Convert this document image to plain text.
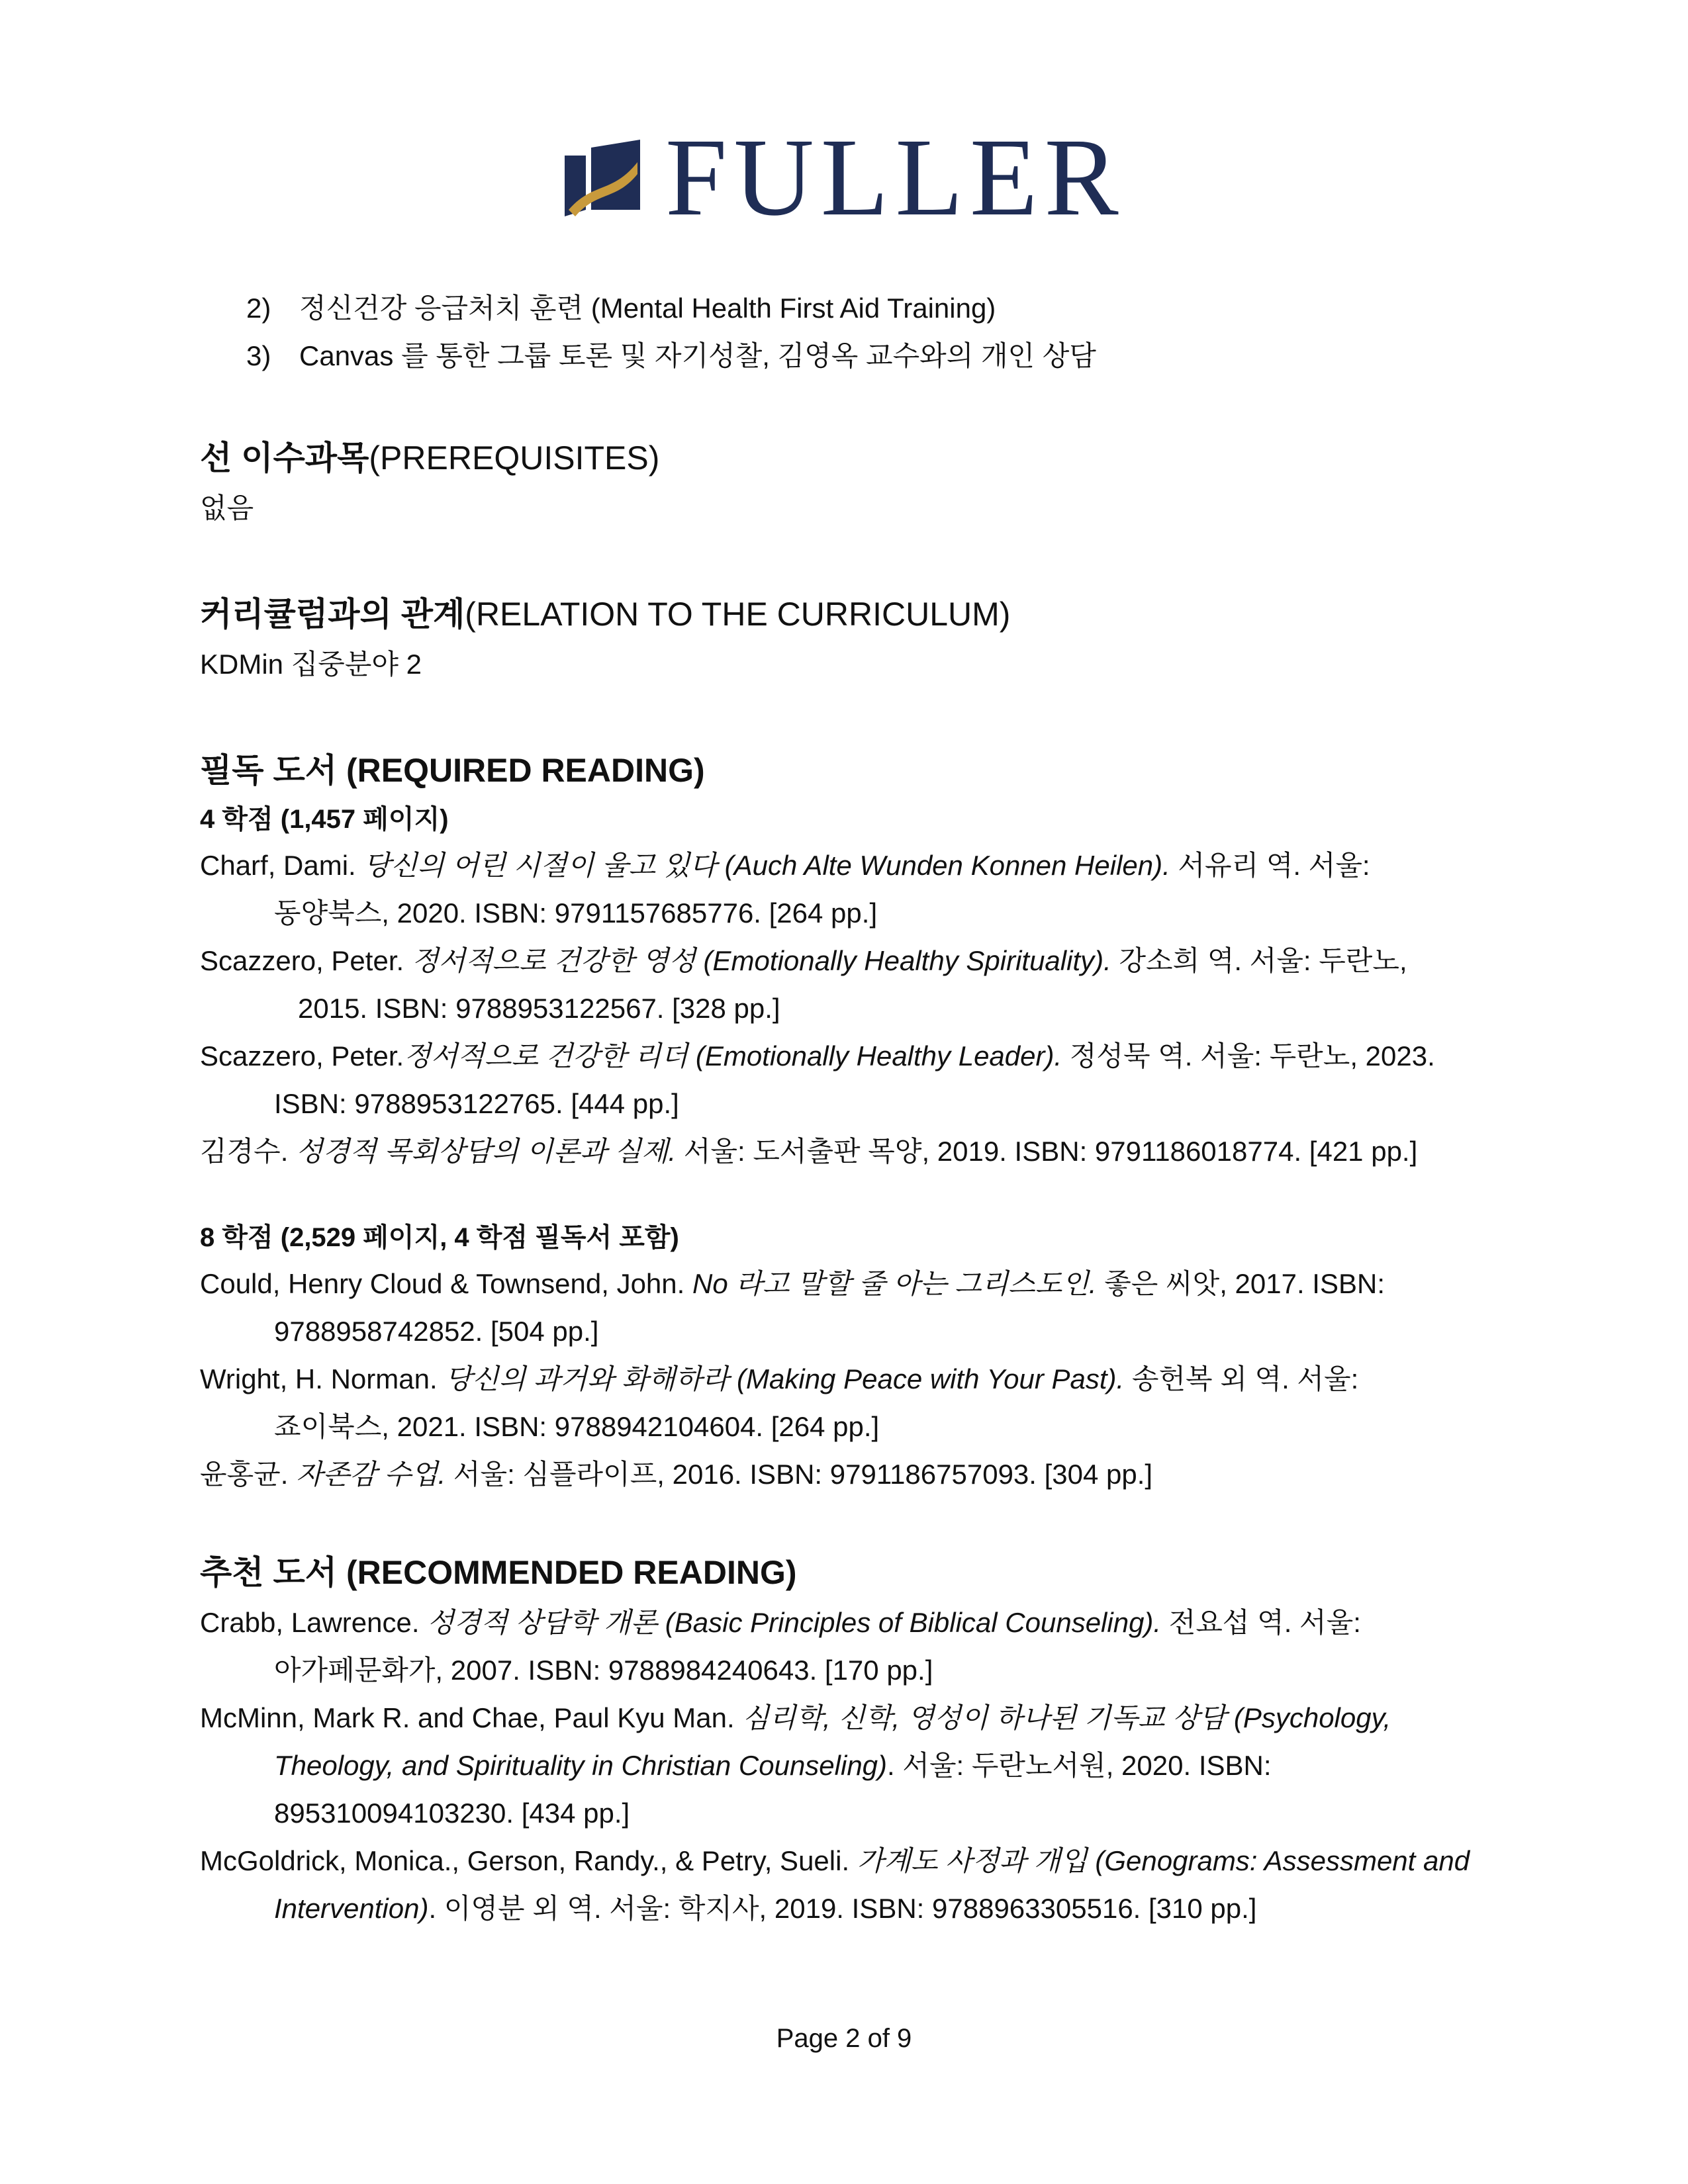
FULLER
2) 정신건강 응급처치 훈련 (Mental Health First Aid Training)
3) Canvas 를 통한 그룹 토론 및 자기성찰, 김영옥 교수와의 개인 상담
선 이수과목(PREREQUISITES)
없음
커리큘럼과의 관계(RELATION TO THE CURRICULUM)
KDMin 집중분야 2
필독 도서 (REQUIRED READING)
4 학점 (1,457 페이지)
Charf, Dami. 당신의 어린 시절이 울고 있다 (Auch Alte Wunden Konnen Heilen). 서유리 역. 서울:
동양북스, 2020. ISBN: 9791157685776. [264 pp.]
Scazzero, Peter. 정서적으로 건강한 영성 (Emotionally Healthy Spirituality). 강소희 역. 서울: 두란노,
2015. ISBN: 9788953122567. [328 pp.]
Scazzero, Peter.정서적으로 건강한 리더 (Emotionally Healthy Leader). 정성묵 역. 서울: 두란노, 2023.
ISBN: 9788953122765. [444 pp.]
김경수. 성경적 목회상담의 이론과 실제. 서울: 도서출판 목양, 2019. ISBN: 9791186018774. [421 pp.]
8 학점 (2,529 페이지, 4 학점 필독서 포함)
Could, Henry Cloud & Townsend, John. No 라고 말할 줄 아는 그리스도인. 좋은 씨앗, 2017. ISBN:
9788958742852. [504 pp.]
Wright, H. Norman. 당신의 과거와 화해하라 (Making Peace with Your Past). 송헌복 외 역. 서울:
죠이북스, 2021. ISBN: 9788942104604. [264 pp.]
윤홍균. 자존감 수업. 서울: 심플라이프, 2016. ISBN: 9791186757093. [304 pp.]
추천 도서 (RECOMMENDED READING)
Crabb, Lawrence. 성경적 상담학 개론 (Basic Principles of Biblical Counseling). 전요섭 역. 서울:
아가페문화가, 2007. ISBN: 9788984240643. [170 pp.]
McMinn, Mark R. and Chae, Paul Kyu Man. 심리학, 신학, 영성이 하나된 기독교 상담 (Psychology,
Theology, and Spirituality in Christian Counseling). 서울: 두란노서원, 2020. ISBN:
895310094103230. [434 pp.]
McGoldrick, Monica., Gerson, Randy., & Petry, Sueli. 가계도 사정과 개입 (Genograms: Assessment and
Intervention). 이영분 외 역. 서울: 학지사, 2019. ISBN: 9788963305516. [310 pp.]
Page 2 of 9
